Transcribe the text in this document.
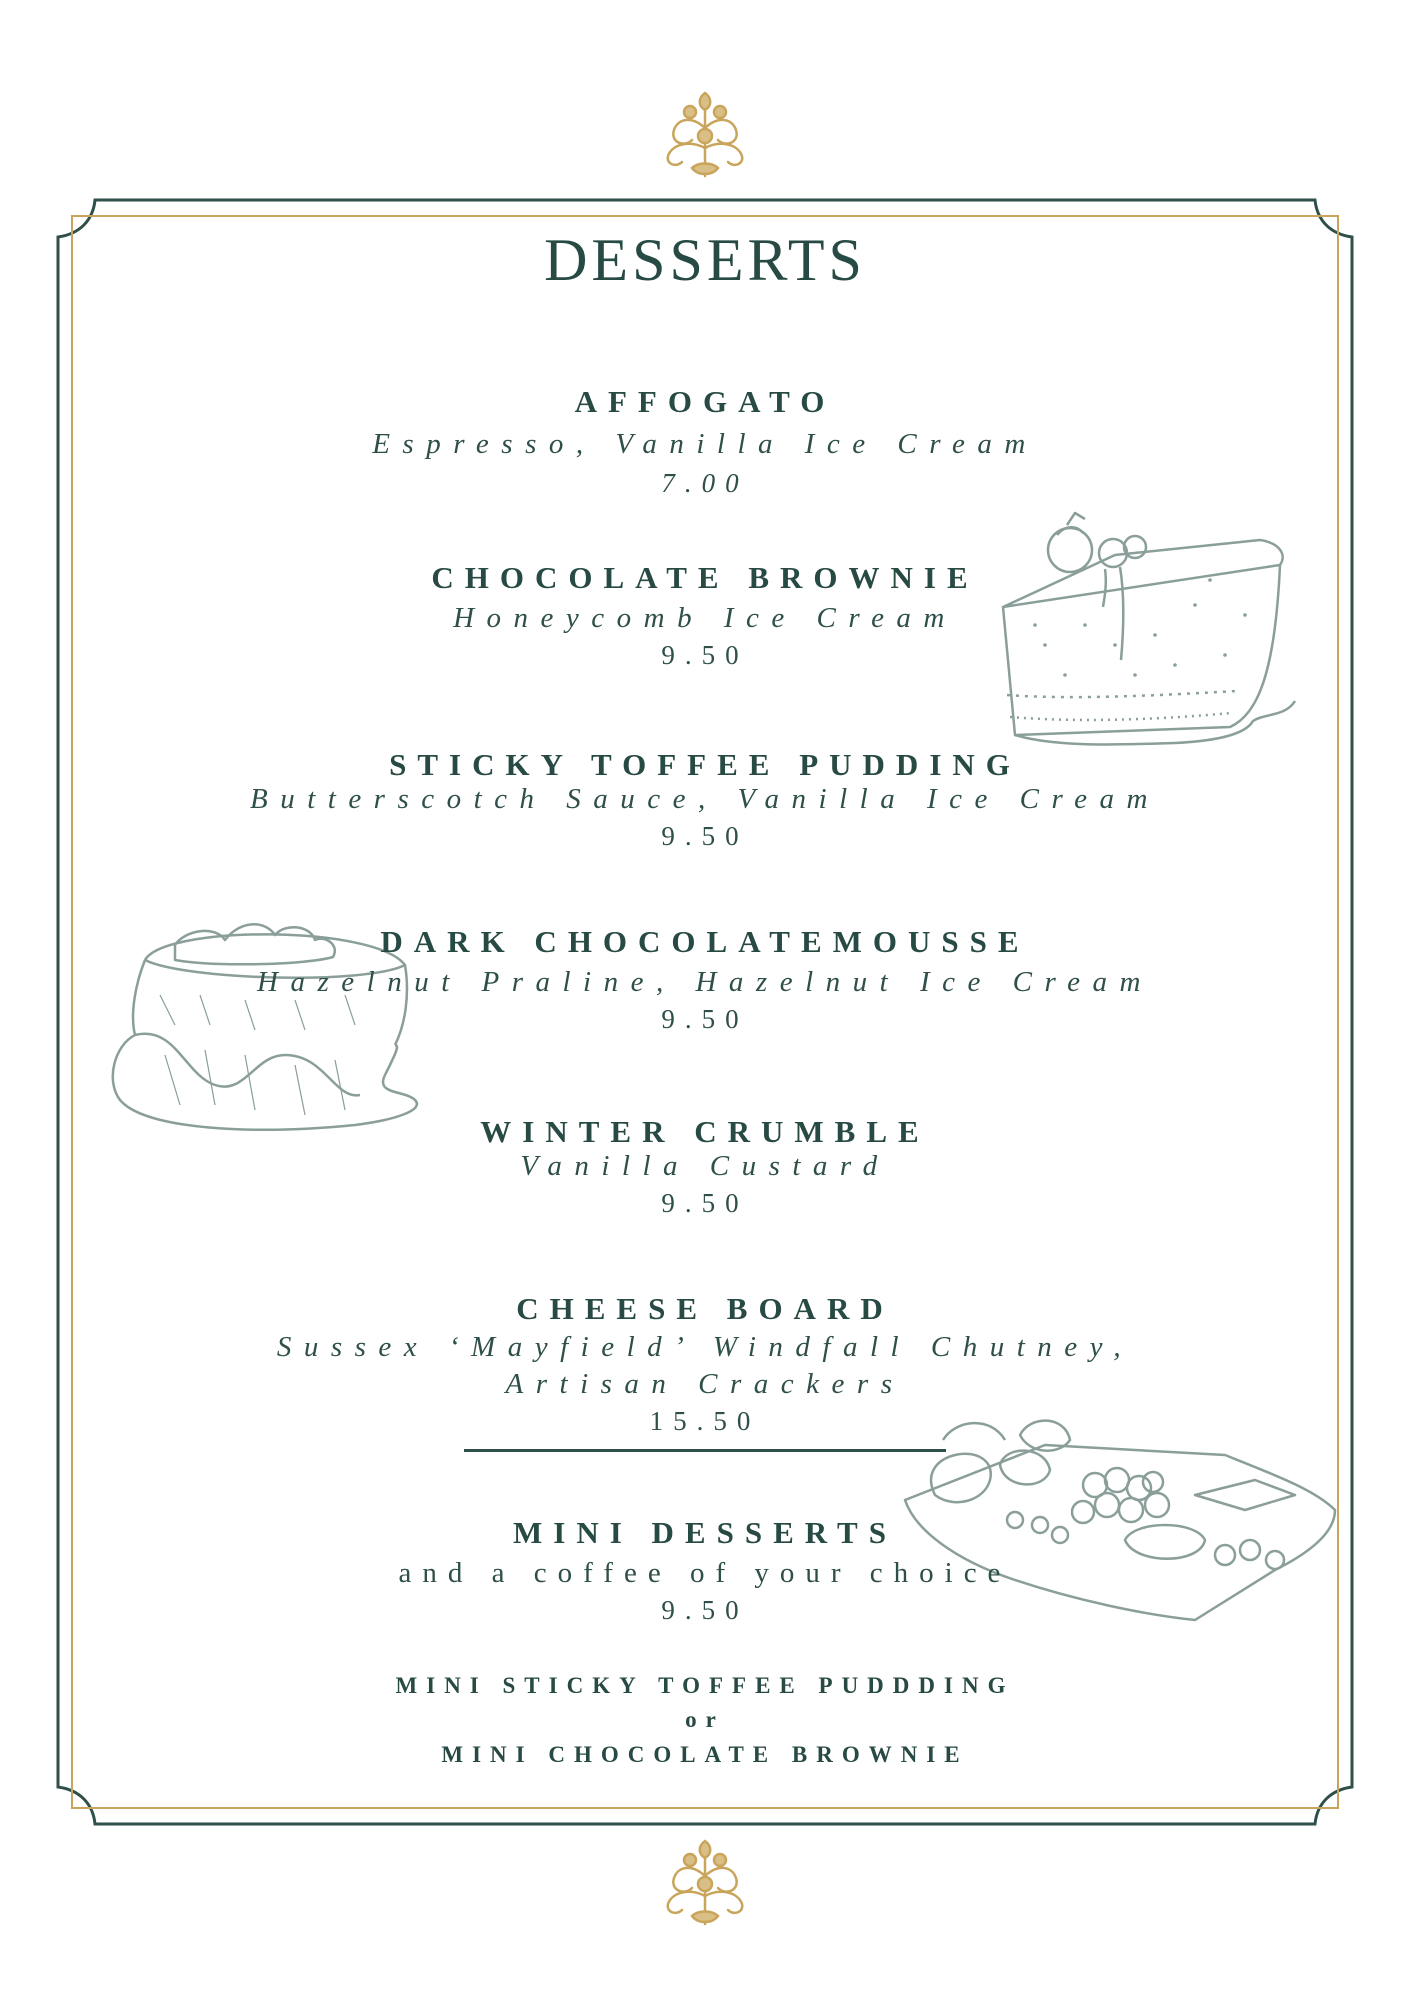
DESSERTS
AFFOGATO
Espresso, Vanilla Ice Cream
7.00
CHOCOLATE BROWNIE
Honeycomb Ice Cream
9.50
STICKY TOFFEE PUDDING
Butterscotch Sauce, Vanilla Ice Cream
9.50
DARK CHOCOLATEMOUSSE
Hazelnut Praline, Hazelnut Ice Cream
9.50
WINTER CRUMBLE
Vanilla Custard
9.50
CHEESE BOARD
Sussex ‘Mayfield’ Windfall Chutney,
Artisan Crackers
15.50
MINI DESSERTS
and a coffee of your choice
9.50
MINI STICKY TOFFEE PUDDDING
or
MINI CHOCOLATE BROWNIE
